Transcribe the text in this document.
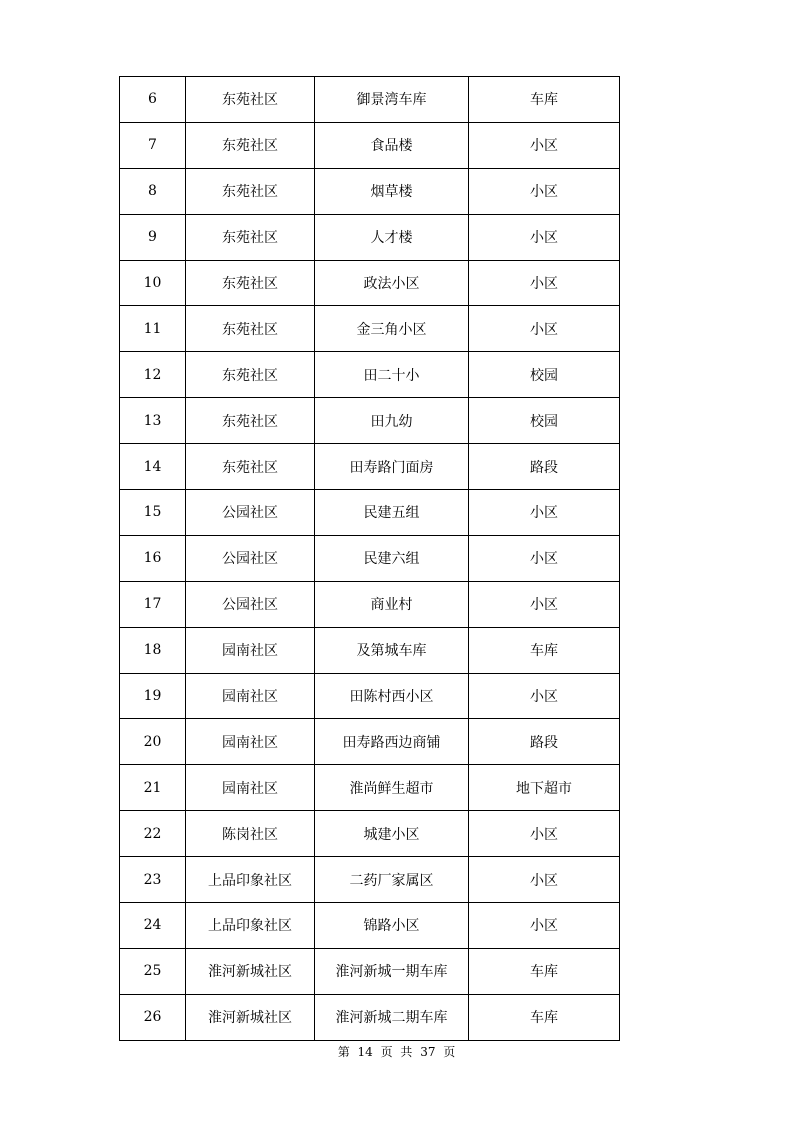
6	东苑社区	御景湾车库	车库
7	东苑社区	食品楼	小区
8	东苑社区	烟草楼	小区
9	东苑社区	人才楼	小区
10	东苑社区	政法小区	小区
11	东苑社区	金三角小区	小区
12	东苑社区	田二十小	校园
13	东苑社区	田九幼	校园
14	东苑社区	田寿路门面房	路段
15	公园社区	民建五组	小区
16	公园社区	民建六组	小区
17	公园社区	商业村	小区
18	园南社区	及第城车库	车库
19	园南社区	田陈村西小区	小区
20	园南社区	田寿路西边商铺	路段
21	园南社区	淮尚鲜生超市	地下超市
22	陈岗社区	城建小区	小区
23	上品印象社区	二药厂家属区	小区
24	上品印象社区	锦路小区	小区
25	淮河新城社区	淮河新城一期车库	车库
26	淮河新城社区	淮河新城二期车库	车库
第 14 页 共 37 页
